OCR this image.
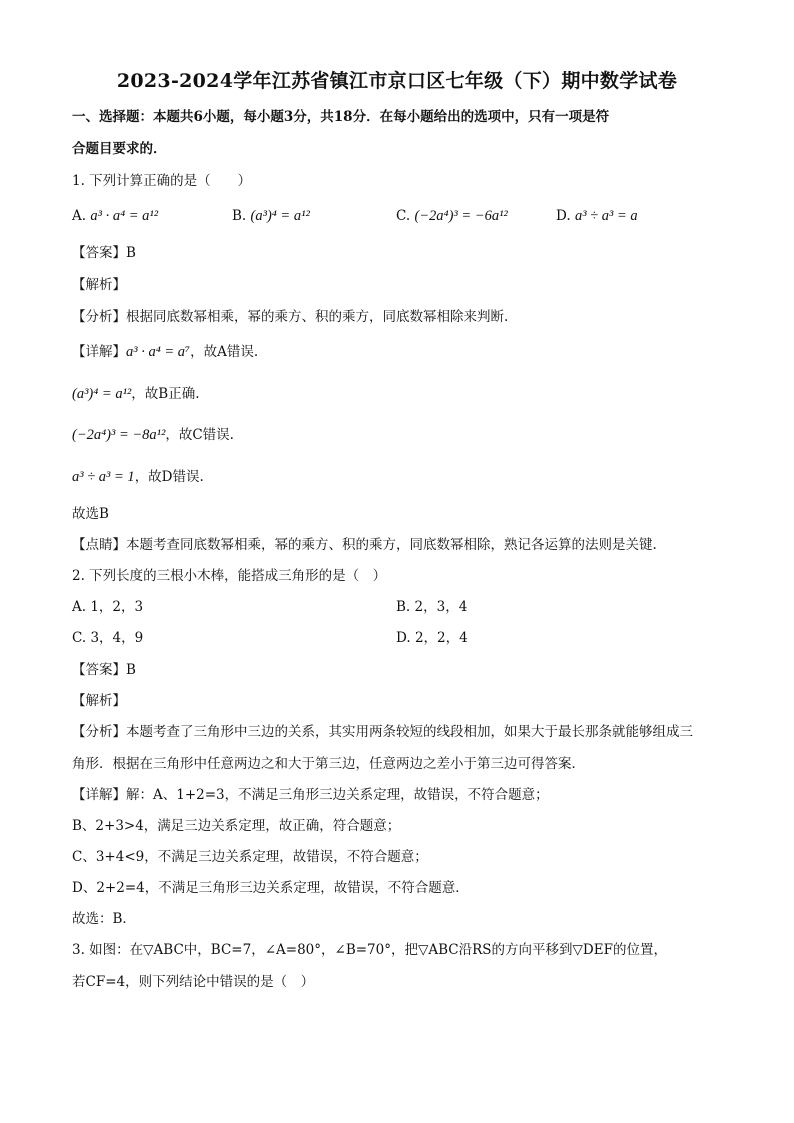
2023-2024学年江苏省镇江市京口区七年级（下）期中数学试卷
一、选择题：本题共6小题，每小题3分，共18分．在每小题给出的选项中，只有一项是符
合题目要求的．
1. 下列计算正确的是（　　）
A. a³ · a⁴ = a¹²	B. (a³)⁴ = a¹²	C. (−2a⁴)³ = −6a¹²	D. a³ ÷ a³ = a
【答案】B
【解析】
【分析】根据同底数幂相乘，幂的乘方、积的乘方，同底数幂相除来判断.
【详解】a³ · a⁴ = a⁷，故A错误.
(a³)⁴ = a¹²，故B正确.
(−2a⁴)³ = −8a¹²，故C错误.
a³ ÷ a³ = 1，故D错误.
故选B
【点睛】本题考查同底数幂相乘，幂的乘方、积的乘方，同底数幂相除，熟记各运算的法则是关键.
2. 下列长度的三根小木棒，能搭成三角形的是（　）
A. 1，2，3	B. 2，3，4
C. 3，4，9	D. 2，2，4
【答案】B
【解析】
【分析】本题考查了三角形中三边的关系，其实用两条较短的线段相加，如果大于最长那条就能够组成三
角形．根据在三角形中任意两边之和大于第三边，任意两边之差小于第三边可得答案．
【详解】解：A、1+2=3，不满足三角形三边关系定理，故错误，不符合题意；
B、2+3>4，满足三边关系定理，故正确，符合题意；
C、3+4<9，不满足三边关系定理，故错误，不符合题意；
D、2+2=4，不满足三角形三边关系定理，故错误，不符合题意．
故选：B．
3. 如图：在▽ABC中，BC=7，∠A=80°，∠B=70°，把▽ABC沿RS的方向平移到▽DEF的位置，
若CF=4，则下列结论中错误的是（　）
